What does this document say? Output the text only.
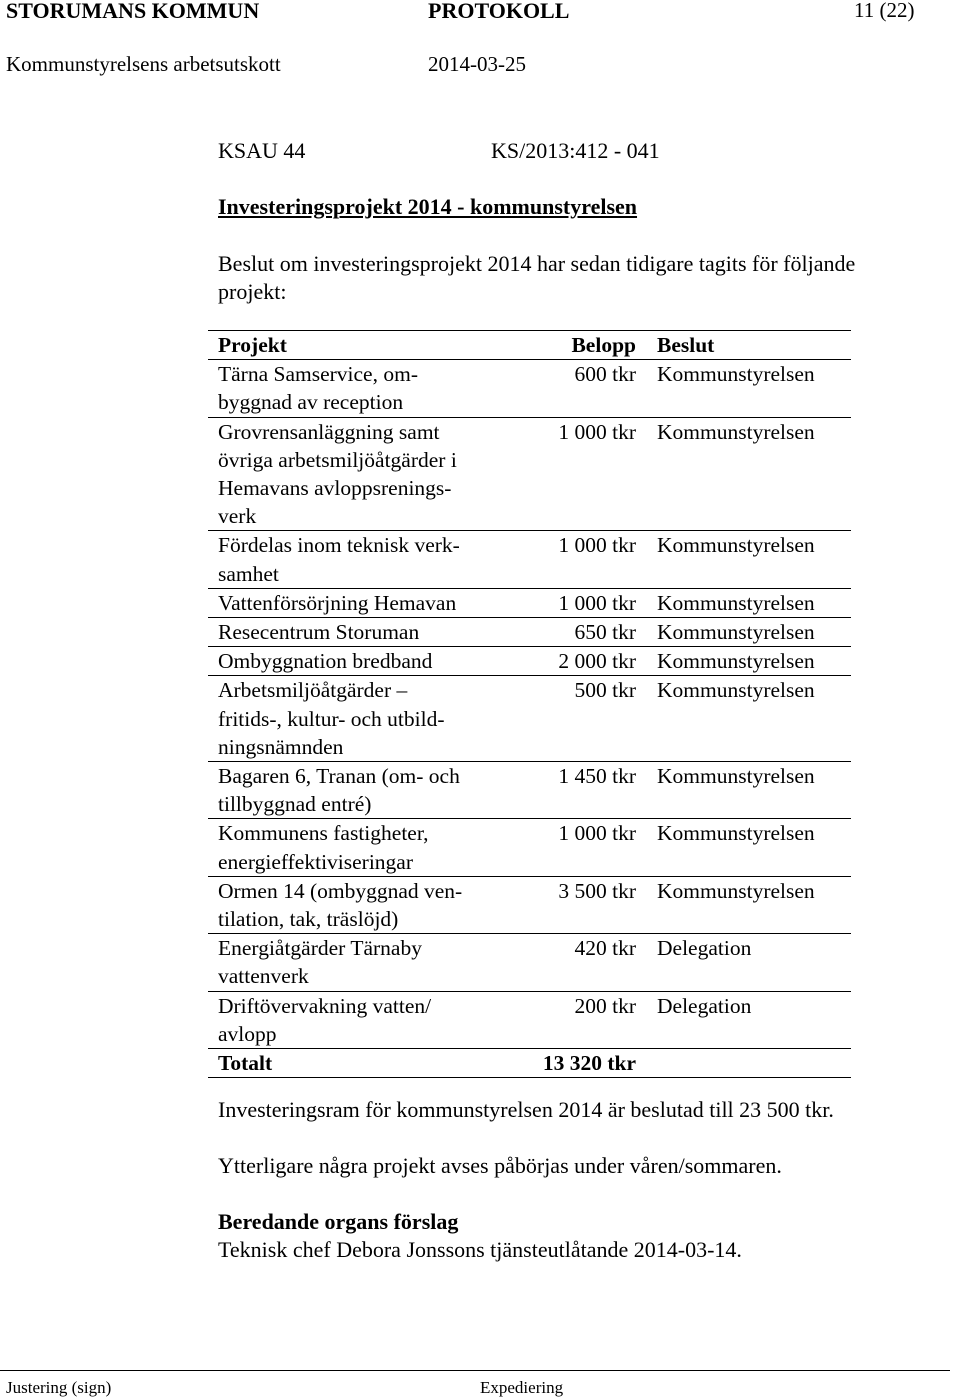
STORUMANS KOMMUN	PROTOKOLL	11 (22)
Kommunstyrelsens arbetsutskott	2014-03-25
KSAU 44	KS/2013:412 - 041
Investeringsprojekt 2014 - kommunstyrelsen
Beslut om investeringsprojekt 2014 har sedan tidigare tagits för följande
projekt:
Projekt	Belopp	Beslut
Tärna Samservice, om-
byggnad av reception	600 tkr	Kommunstyrelsen
Grovrensanläggning samt
övriga arbetsmiljöåtgärder i
Hemavans avloppsrenings-
verk	1 000 tkr	Kommunstyrelsen
Fördelas inom teknisk verk-
samhet	1 000 tkr	Kommunstyrelsen
Vattenförsörjning Hemavan	1 000 tkr	Kommunstyrelsen
Resecentrum Storuman	650 tkr	Kommunstyrelsen
Ombyggnation bredband	2 000 tkr	Kommunstyrelsen
Arbetsmiljöåtgärder –
fritids-, kultur- och utbild-
ningsnämnden	500 tkr	Kommunstyrelsen
Bagaren 6, Tranan (om- och
tillbyggnad entré)	1 450 tkr	Kommunstyrelsen
Kommunens fastigheter,
energieffektiviseringar	1 000 tkr	Kommunstyrelsen
Ormen 14 (ombyggnad ven-
tilation, tak, träslöjd)	3 500 tkr	Kommunstyrelsen
Energiåtgärder Tärnaby
vattenverk	420 tkr	Delegation
Driftövervakning vatten/
avlopp	200 tkr	Delegation
Totalt	13 320 tkr	
Investeringsram för kommunstyrelsen 2014 är beslutad till 23 500 tkr.
Ytterligare några projekt avses påbörjas under våren/sommaren.
Beredande organs förslag
Teknisk chef Debora Jonssons tjänsteutlåtande 2014-03-14.
Justering (sign)	Expediering
